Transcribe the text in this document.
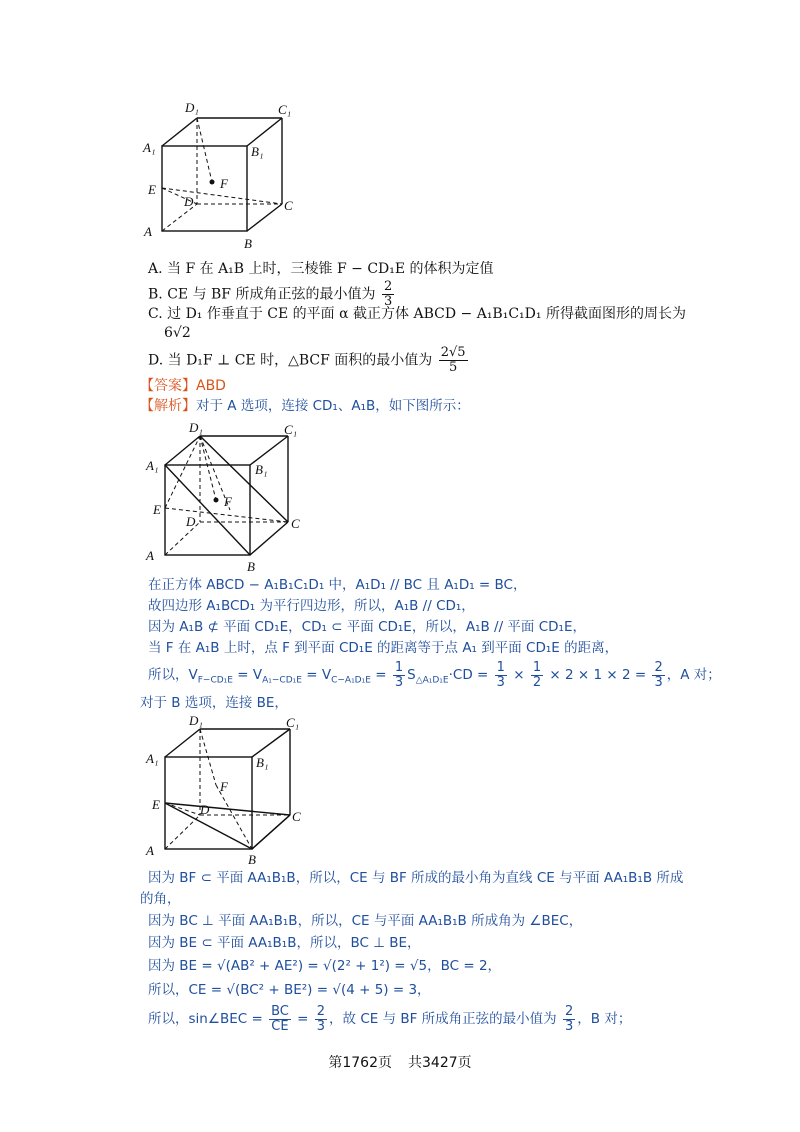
A
B
C
D
A₁	B₁
C₁
D₁
E	F
A. 当 F 在 A₁B 上时，三棱锥 F − CD₁E 的体积为定值
B. CE 与 BF 所成角正弦的最小值为 $\frac{2}{3}$
C. 过 D₁ 作垂直于 CE 的平面 α 截正方体 ABCD − A₁B₁C₁D₁ 所得截面图形的周长为
6√2
D. 当 D₁F ⊥ CE 时，△BCF 面积的最小值为 $\frac{2√5}{5}$
【答案】ABD
【解析】对于 A 选项，连接 CD₁、A₁B，如下图所示：
A
B
C
D
A₁	B₁
C₁
D₁
E
F
在正方体 ABCD − A₁B₁C₁D₁ 中，A₁D₁ // BC 且 A₁D₁ = BC，
故四边形 A₁BCD₁ 为平行四边形，所以，A₁B // CD₁，
因为 A₁B ⊄ 平面 CD₁E，CD₁ ⊂ 平面 CD₁E，所以，A₁B // 平面 CD₁E，
当 F 在 A₁B 上时，点 F 到平面 CD₁E 的距离等于点 A₁ 到平面 CD₁E 的距离，
所以，$V_{F-CD_1E} = V_{A_1-CD_1E} = V_{C-A_1D_1E} = \frac{1}{3} S_{\triangle A_1D_1E}\cdot CD = \frac{1}{3} \times \frac{1}{2} \times 2 \times 1 \times 2 = \frac{2}{3}$ ，A 对；
对于 B 选项，连接 BE，
A
B
C
D
A₁	B₁
C₁
D₁
E
F
因为 BF ⊂ 平面 AA₁B₁B，所以，CE 与 BF 所成的最小角为直线 CE 与平面 AA₁B₁B 所成
的角，
因为 BC ⊥ 平面 AA₁B₁B，所以，CE 与平面 AA₁B₁B 所成角为 ∠BEC，
因为 BE ⊂ 平面 AA₁B₁B，所以，BC ⊥ BE，
因为 BE = √(AB² + AE²) = √(2² + 1²) = √5，BC = 2，
所以，CE = √(BC² + BE²) = √(4 + 5) = 3，
所以，sin∠BEC = $\frac{BC}{CE} = \frac{2}{3}$ ，故 CE 与 BF 所成角正弦的最小值为 $\frac{2}{3}$ ，B 对；
第1762页 共3427页
